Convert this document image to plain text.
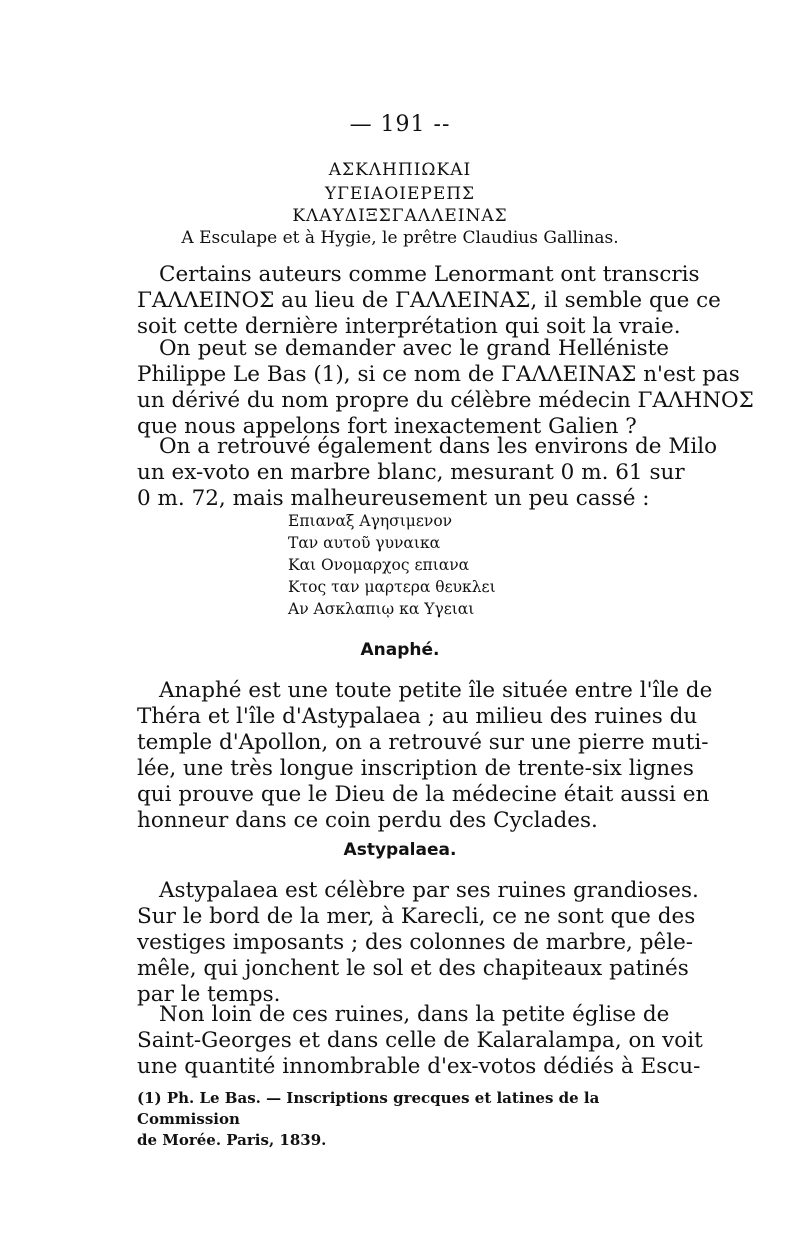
— 191 --
ΑΣΚΛΗΠΙΩΚΑΙ
ΥΓΕΙΑΟΙΕΡΕΠΣ
ΚΛΑΥΔΙΞΣΓΑΛΛΕΙΝΑΣ
A Esculape et à Hygie, le prêtre Claudius Gallinas.
Certains auteurs comme Lenormant ont transcris
ΓΑΛΛΕΙΝΟΣ au lieu de ΓΑΛΛΕΙΝΑΣ, il semble que ce
soit cette dernière interprétation qui soit la vraie.
On peut se demander avec le grand Helléniste
Philippe Le Bas (1), si ce nom de ΓΑΛΛΕΙΝΑΣ n'est pas
un dérivé du nom propre du célèbre médecin ΓΑΛΗΝΟΣ
que nous appelons fort inexactement Galien ?
On a retrouvé également dans les environs de Milo
un ex-voto en marbre blanc, mesurant 0 m. 61 sur
0 m. 72, mais malheureusement un peu cassé :
Επιαναξ Αγησιμενον
Ταν αυτοῦ γυναικα
Και Ονομαρχος επιανα
Κτος ταν μαρτερα θευκλει
Αν Ασκλαπιῳ κα Υγειαι
Anaphé.
Anaphé est une toute petite île située entre l'île de
Théra et l'île d'Astypalaea ; au milieu des ruines du
temple d'Apollon, on a retrouvé sur une pierre muti-
lée, une très longue inscription de trente-six lignes
qui prouve que le Dieu de la médecine était aussi en
honneur dans ce coin perdu des Cyclades.
Astypalaea.
Astypalaea est célèbre par ses ruines grandioses.
Sur le bord de la mer, à Karecli, ce ne sont que des
vestiges imposants ; des colonnes de marbre, pêle-
mêle, qui jonchent le sol et des chapiteaux patinés
par le temps.
Non loin de ces ruines, dans la petite église de
Saint-Georges et dans celle de Kalaralampa, on voit
une quantité innombrable d'ex-votos dédiés à Escu-
(1) Ph. Le Bas. — Inscriptions grecques et latines de la Commission
de Morée. Paris, 1839.
